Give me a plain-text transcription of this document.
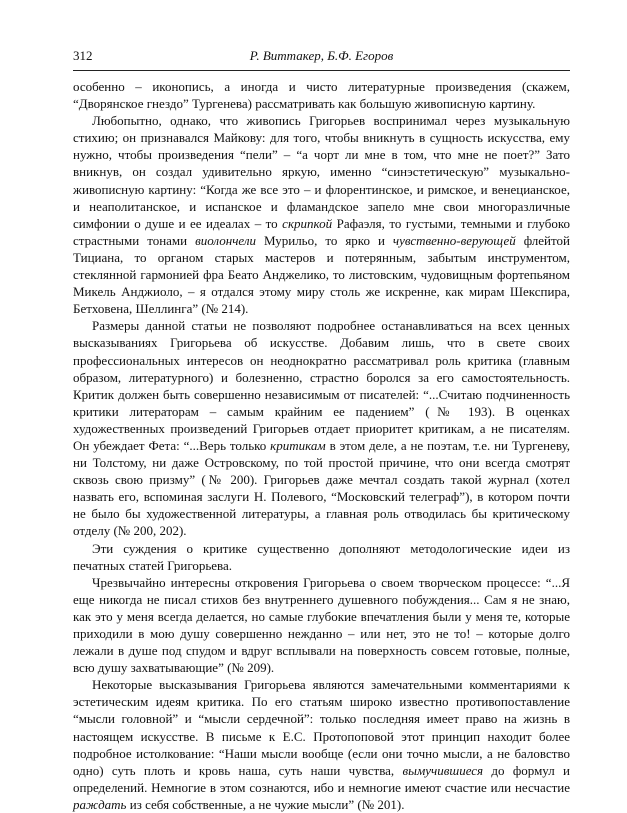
312	Р. Виттакер, Б.Ф. Егоров

особенно – иконопись, а иногда и чисто литературные произведения (скажем, “Дворянское гнездо” Тургенева) рассматривать как большую живописную картину.

Любопытно, однако, что живопись Григорьев воспринимал через музыкальную стихию; он признавался Майкову: для того, чтобы вникнуть в сущность искусства, ему нужно, чтобы произведения “пели” – “а чорт ли мне в том, что мне не поет?” Зато вникнув, он создал удивительно яркую, именно “синэстетическую” музыкально-живописную картину: “Когда же все это – и флорентинское, и римское, и венецианское, и неаполитанское, и испанское и фламандское запело мне свои многоразличные симфонии о душе и ее идеалах – то скрипкой Рафаэля, то густыми, темными и глубоко страстными тонами виолончели Мурильо, то ярко и чувственно-верующей флейтой Тициана, то органом старых мастеров и потерянным, забытым инструментом, стеклянной гармонией фра Беато Анджелико, то листовским, чудовищным фортепьяном Микель Анджиоло, – я отдался этому миру столь же искренне, как мирам Шекспира, Бетховена, Шеллинга” (№ 214).

Размеры данной статьи не позволяют подробнее останавливаться на всех ценных высказываниях Григорьева об искусстве. Добавим лишь, что в свете своих профессиональных интересов он неоднократно рассматривал роль критика (главным образом, литературного) и болезненно, страстно боролся за его самостоятельность. Критик должен быть совершенно независимым от писателей: “...Считаю подчиненность критики литераторам – самым крайним ее падением” (№ 193). В оценках художественных произведений Григорьев отдает приоритет критикам, а не писателям. Он убеждает Фета: “...Верь только критикам в этом деле, а не поэтам, т.е. ни Тургеневу, ни Толстому, ни даже Островскому, по той простой причине, что они всегда смотрят сквозь свою призму” (№ 200). Григорьев даже мечтал создать такой журнал (хотел назвать его, вспоминая заслуги Н. Полевого, “Московский телеграф”), в котором почти не было бы художественной литературы, а главная роль отводилась бы критическому отделу (№ 200, 202).

Эти суждения о критике существенно дополняют методологические идеи из печатных статей Григорьева.

Чрезвычайно интересны откровения Григорьева о своем творческом процессе: “...Я еще никогда не писал стихов без внутреннего душевного побуждения... Сам я не знаю, как это у меня всегда делается, но самые глубокие впечатления были у меня те, которые приходили в мою душу совершенно нежданно – или нет, это не то! – которые долго лежали в душе под спудом и вдруг всплывали на поверхность совсем готовые, полные, всю душу захватывающие” (№ 209).

Некоторые высказывания Григорьева являются замечательными комментариями к эстетическим идеям критика. По его статьям широко известно противопоставление “мысли головной” и “мысли сердечной”: только последняя имеет право на жизнь в настоящем искусстве. В письме к Е.С. Протопоповой этот принцип находит более подробное истолкование: “Наши мысли вообще (если они точно мысли, а не баловство одно) суть плоть и кровь наша, суть наши чувства, вымучившиеся до формул и определений. Немногие в этом сознаются, ибо и немногие имеют счастие или несчастие раждать из себя собственные, а не чужие мысли” (№ 201).
